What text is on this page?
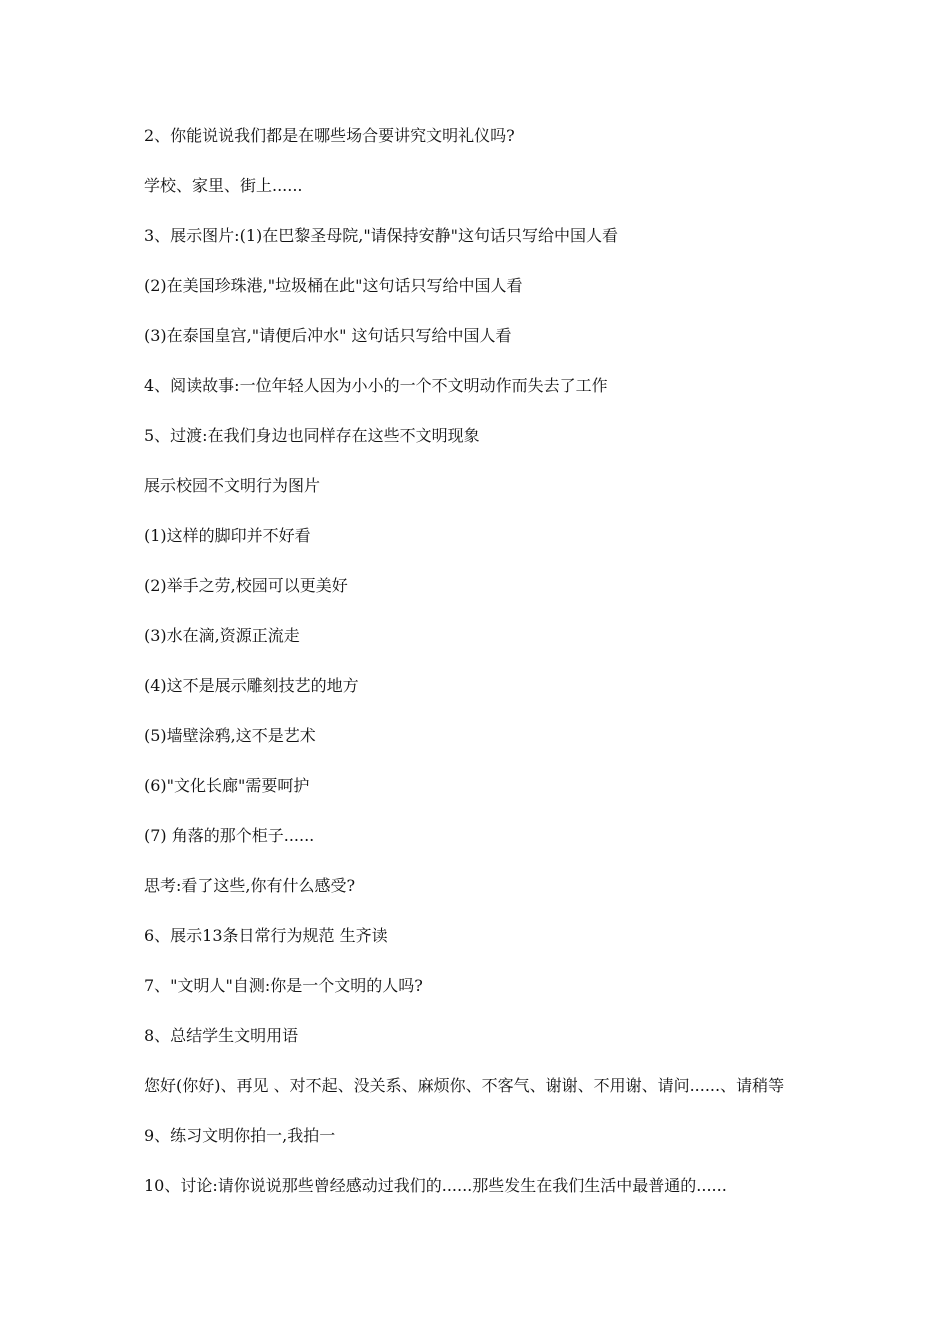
2、你能说说我们都是在哪些场合要讲究文明礼仪吗?

学校、家里、街上......

3、展示图片:(1)在巴黎圣母院,"请保持安静"这句话只写给中国人看

(2)在美国珍珠港,"垃圾桶在此"这句话只写给中国人看

(3)在泰国皇宫,"请便后冲水" 这句话只写给中国人看

4、阅读故事:一位年轻人因为小小的一个不文明动作而失去了工作

5、过渡:在我们身边也同样存在这些不文明现象

展示校园不文明行为图片

(1)这样的脚印并不好看

(2)举手之劳,校园可以更美好

(3)水在滴,资源正流走

(4)这不是展示雕刻技艺的地方

(5)墙壁涂鸦,这不是艺术

(6)"文化长廊"需要呵护

(7) 角落的那个柜子......

思考:看了这些,你有什么感受?

6、展示13条日常行为规范 生齐读

7、"文明人"自测:你是一个文明的人吗?

8、总结学生文明用语

您好(你好)、再见 、对不起、没关系、麻烦你、不客气、谢谢、不用谢、请问......、请稍等

9、练习文明你拍一,我拍一

10、讨论:请你说说那些曾经感动过我们的......那些发生在我们生活中最普通的......
